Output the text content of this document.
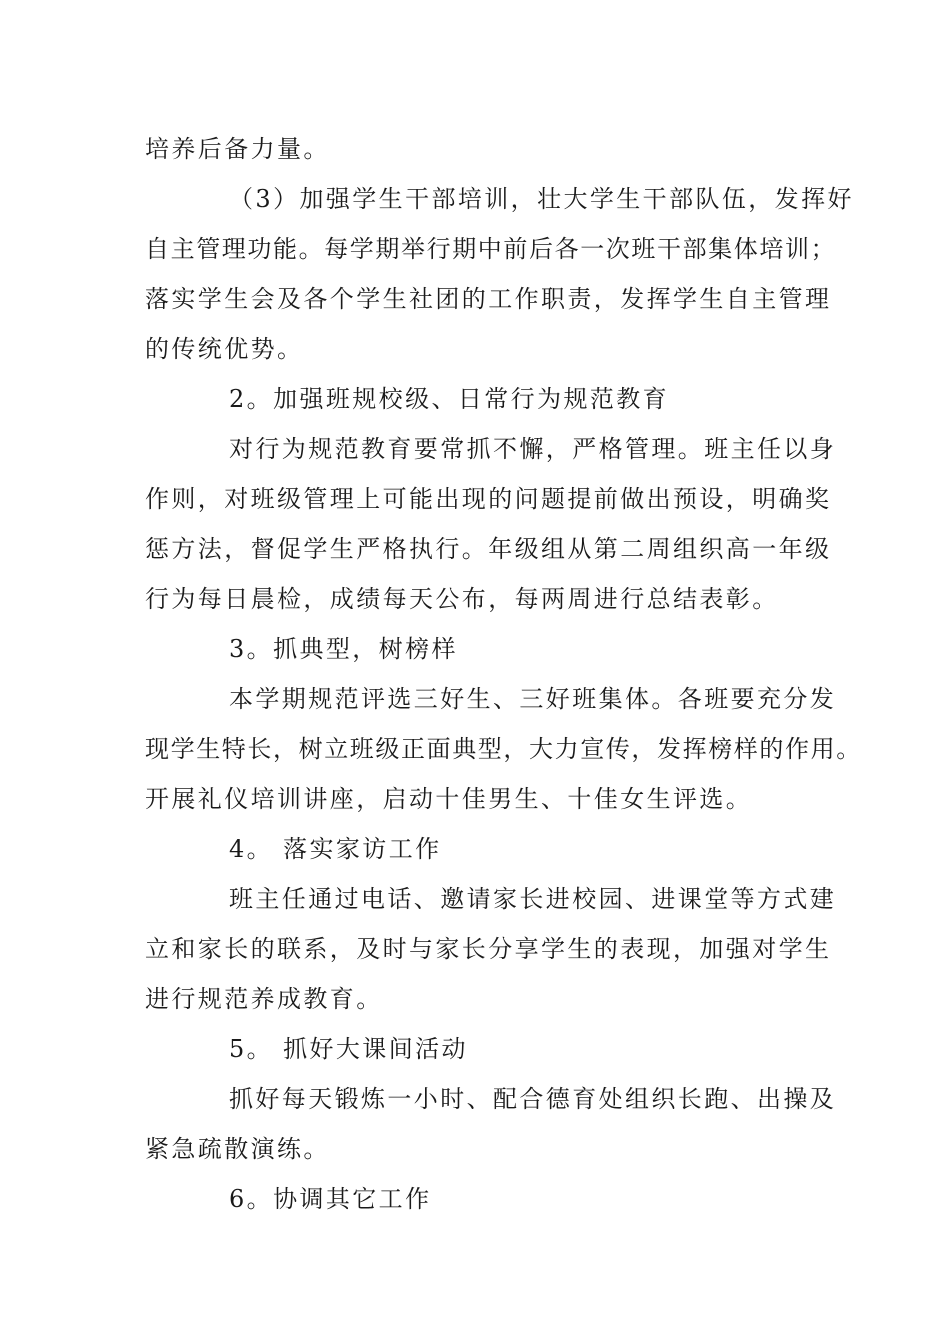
培养后备力量。
（3）加强学生干部培训，壮大学生干部队伍，发挥好
自主管理功能。每学期举行期中前后各一次班干部集体培训；
落实学生会及各个学生社团的工作职责，发挥学生自主管理
的传统优势。
2。加强班规校级、日常行为规范教育
对行为规范教育要常抓不懈，严格管理。班主任以身
作则，对班级管理上可能出现的问题提前做出预设，明确奖
惩方法，督促学生严格执行。年级组从第二周组织高一年级
行为每日晨检，成绩每天公布，每两周进行总结表彰。
3。抓典型，树榜样
本学期规范评选三好生、三好班集体。各班要充分发
现学生特长，树立班级正面典型，大力宣传，发挥榜样的作用。
开展礼仪培训讲座，启动十佳男生、十佳女生评选。
4。 落实家访工作
班主任通过电话、邀请家长进校园、进课堂等方式建
立和家长的联系，及时与家长分享学生的表现，加强对学生
进行规范养成教育。
5。 抓好大课间活动
抓好每天锻炼一小时、配合德育处组织长跑、出操及
紧急疏散演练。
6。协调其它工作
